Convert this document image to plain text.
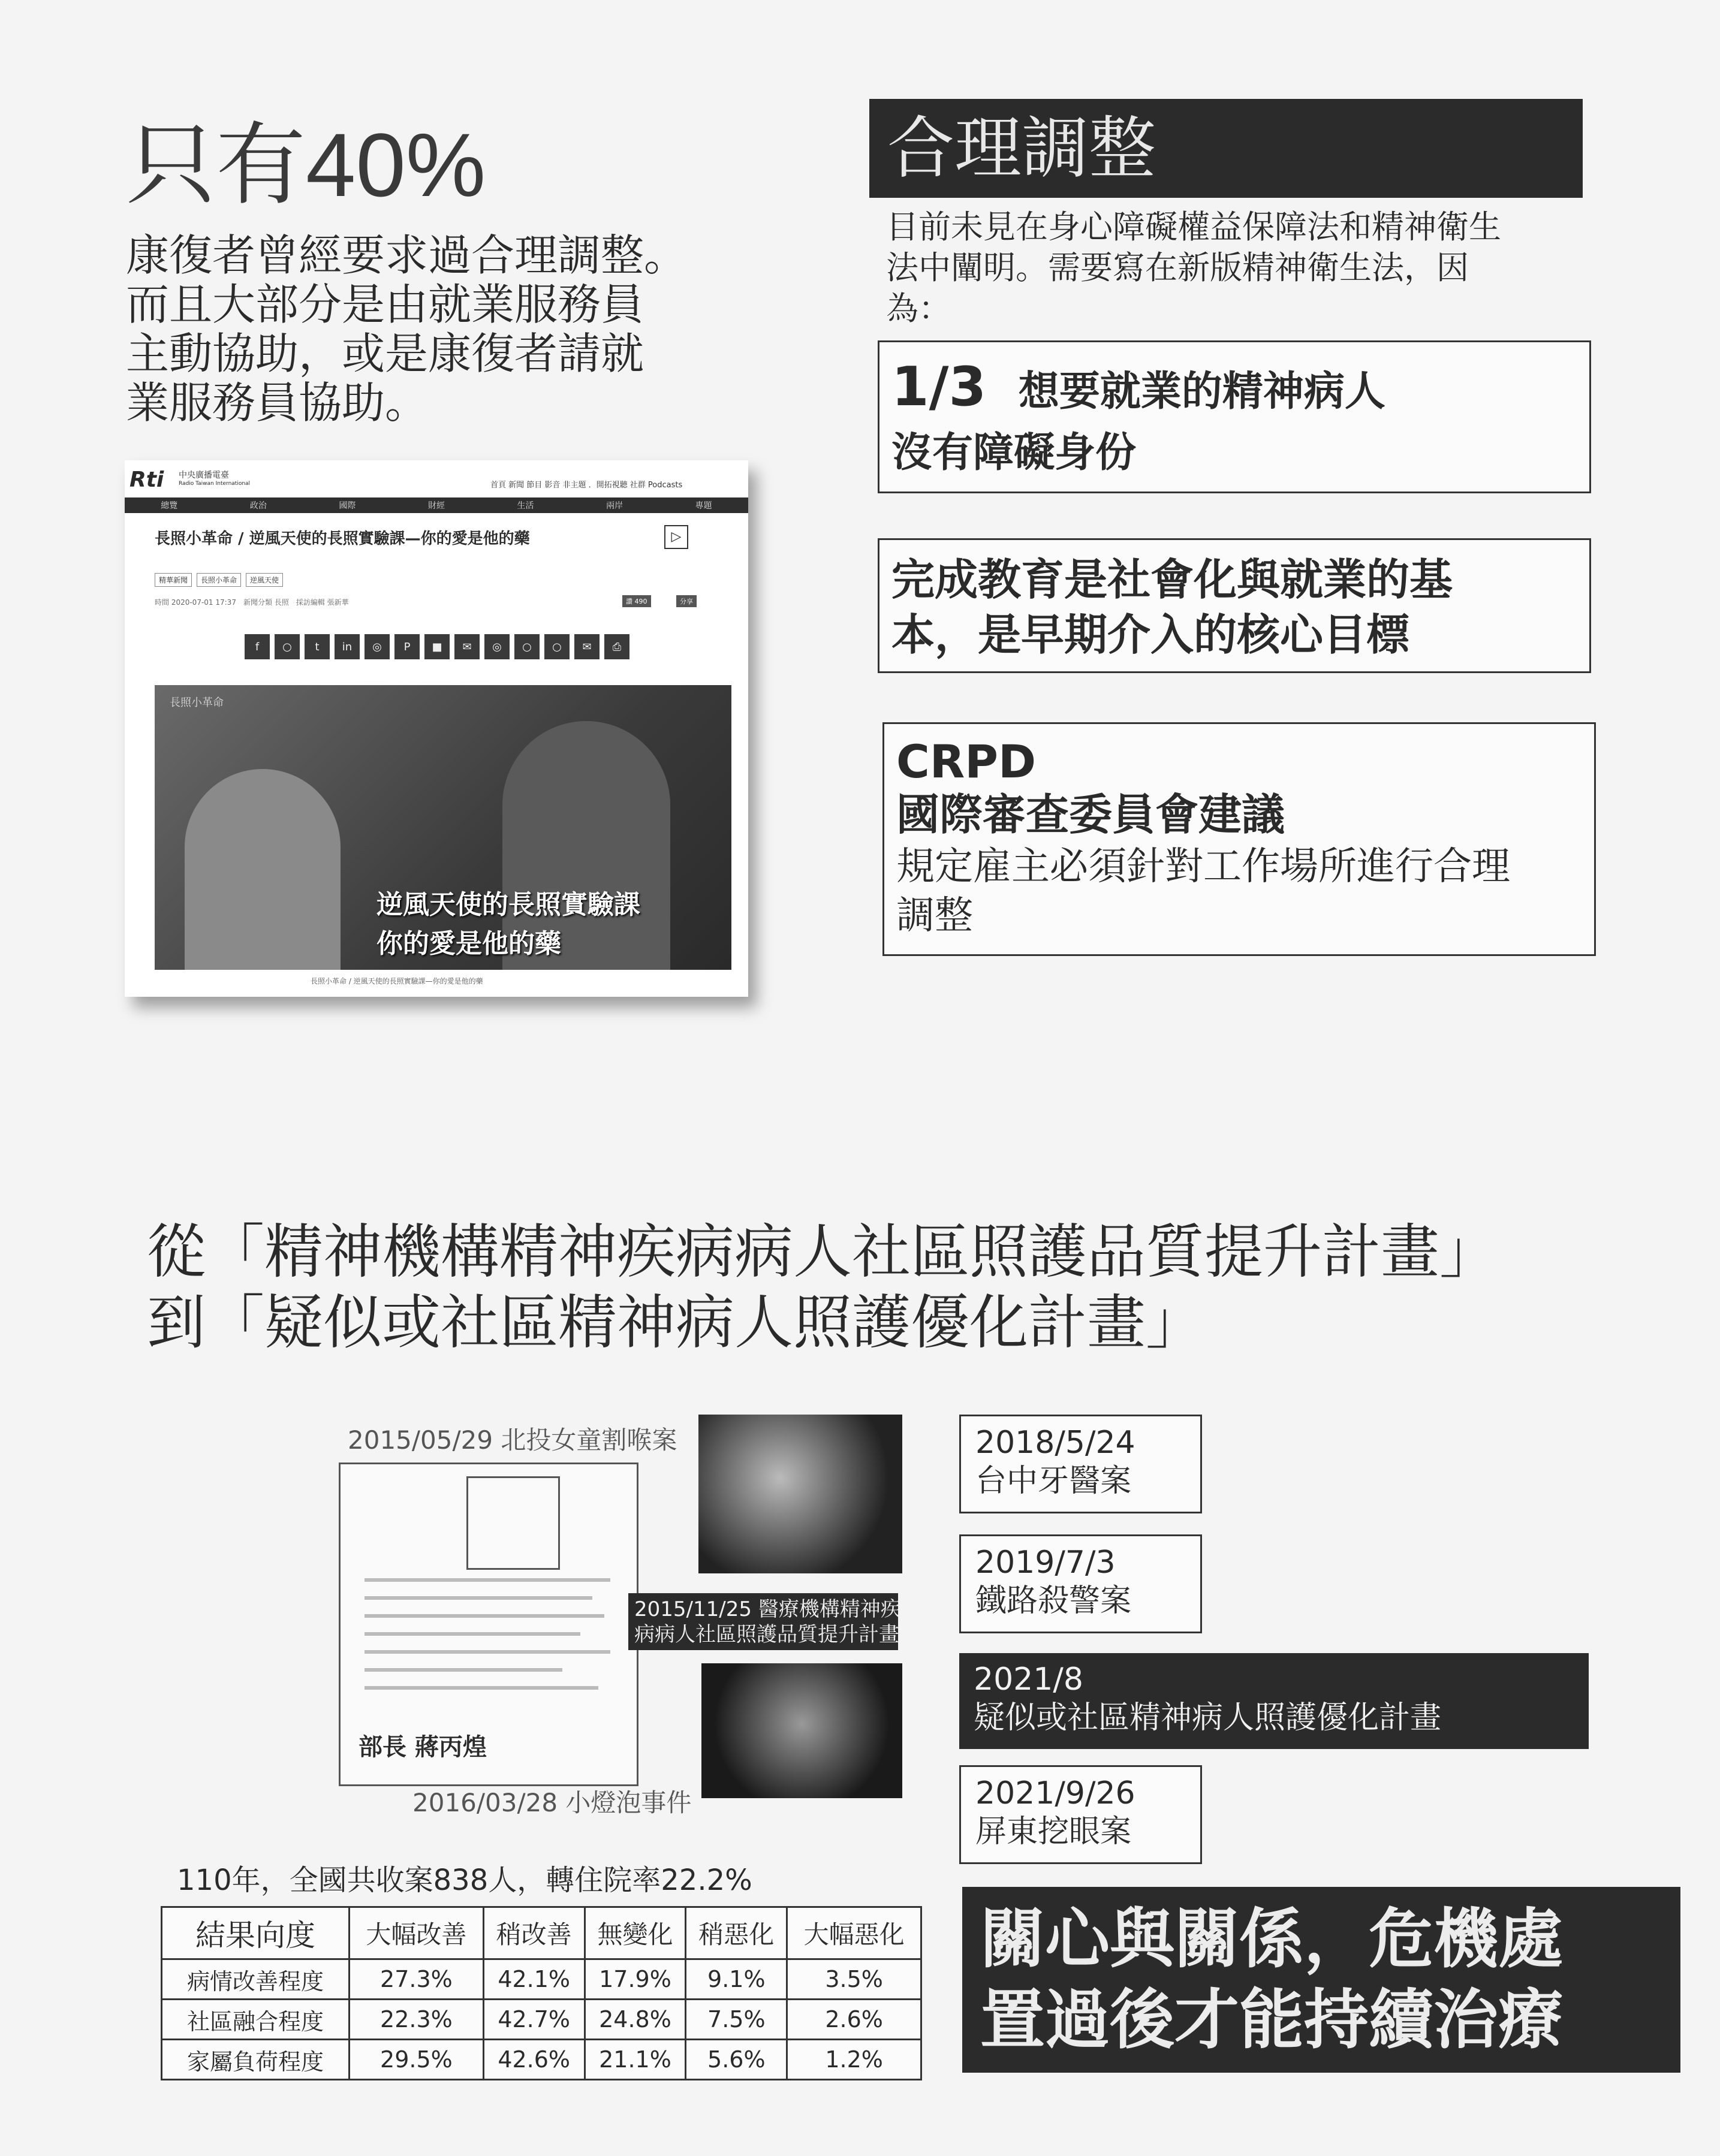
只有40%
康復者曾經要求過合理調整。
而且大部分是由就業服務員
主動協助，或是康復者請就
業服務員協助。
Rti 中央廣播電臺
Radio Taiwan International	首頁 新聞 節目 影音 非主題 ．開拓視聽 社群 Podcasts
總覽	政治	國際	財經	生活	兩岸	專題
長照小革命 / 逆風天使的長照實驗課—你的愛是他的藥	▷
精華新聞	長照小革命	逆風天使
時間 2020-07-01 17:37　新聞分類 長照　採訪編輯 張新華	讚 490	分享
f	○	t	in	◎	P	■	✉	◎	○	○	✉	⎙
長照小革命
逆風天使的長照實驗課
你的愛是他的藥
長照小革命 / 逆風天使的長照實驗課—你的愛是他的藥
合理調整
目前未見在身心障礙權益保障法和精神衛生
法中闡明。需要寫在新版精神衛生法，因
為：
1/3 想要就業的精神病人
沒有障礙身份
完成教育是社會化與就業的基
本，是早期介入的核心目標
CRPD
國際審查委員會建議
規定雇主必須針對工作場所進行合理
調整
從「精神機構精神疾病病人社區照護品質提升計畫」
到「疑似或社區精神病人照護優化計畫」
2015/05/29 北投女童割喉案
部長 蔣丙煌
2015/11/25 醫療機構精神疾
病病人社區照護品質提升計畫
2016/03/28 小燈泡事件
2018/5/24
台中牙醫案
2019/7/3
鐵路殺警案
2021/8
疑似或社區精神病人照護優化計畫
2021/9/26
屏東挖眼案
110年，全國共收案838人，轉住院率22.2%
結果向度	大幅改善	稍改善	無變化	稍惡化	大幅惡化
病情改善程度	27.3%	42.1%	17.9%	9.1%	3.5%
社區融合程度	22.3%	42.7%	24.8%	7.5%	2.6%
家屬負荷程度	29.5%	42.6%	21.1%	5.6%	1.2%
關心與關係，危機處
置過後才能持續治療
